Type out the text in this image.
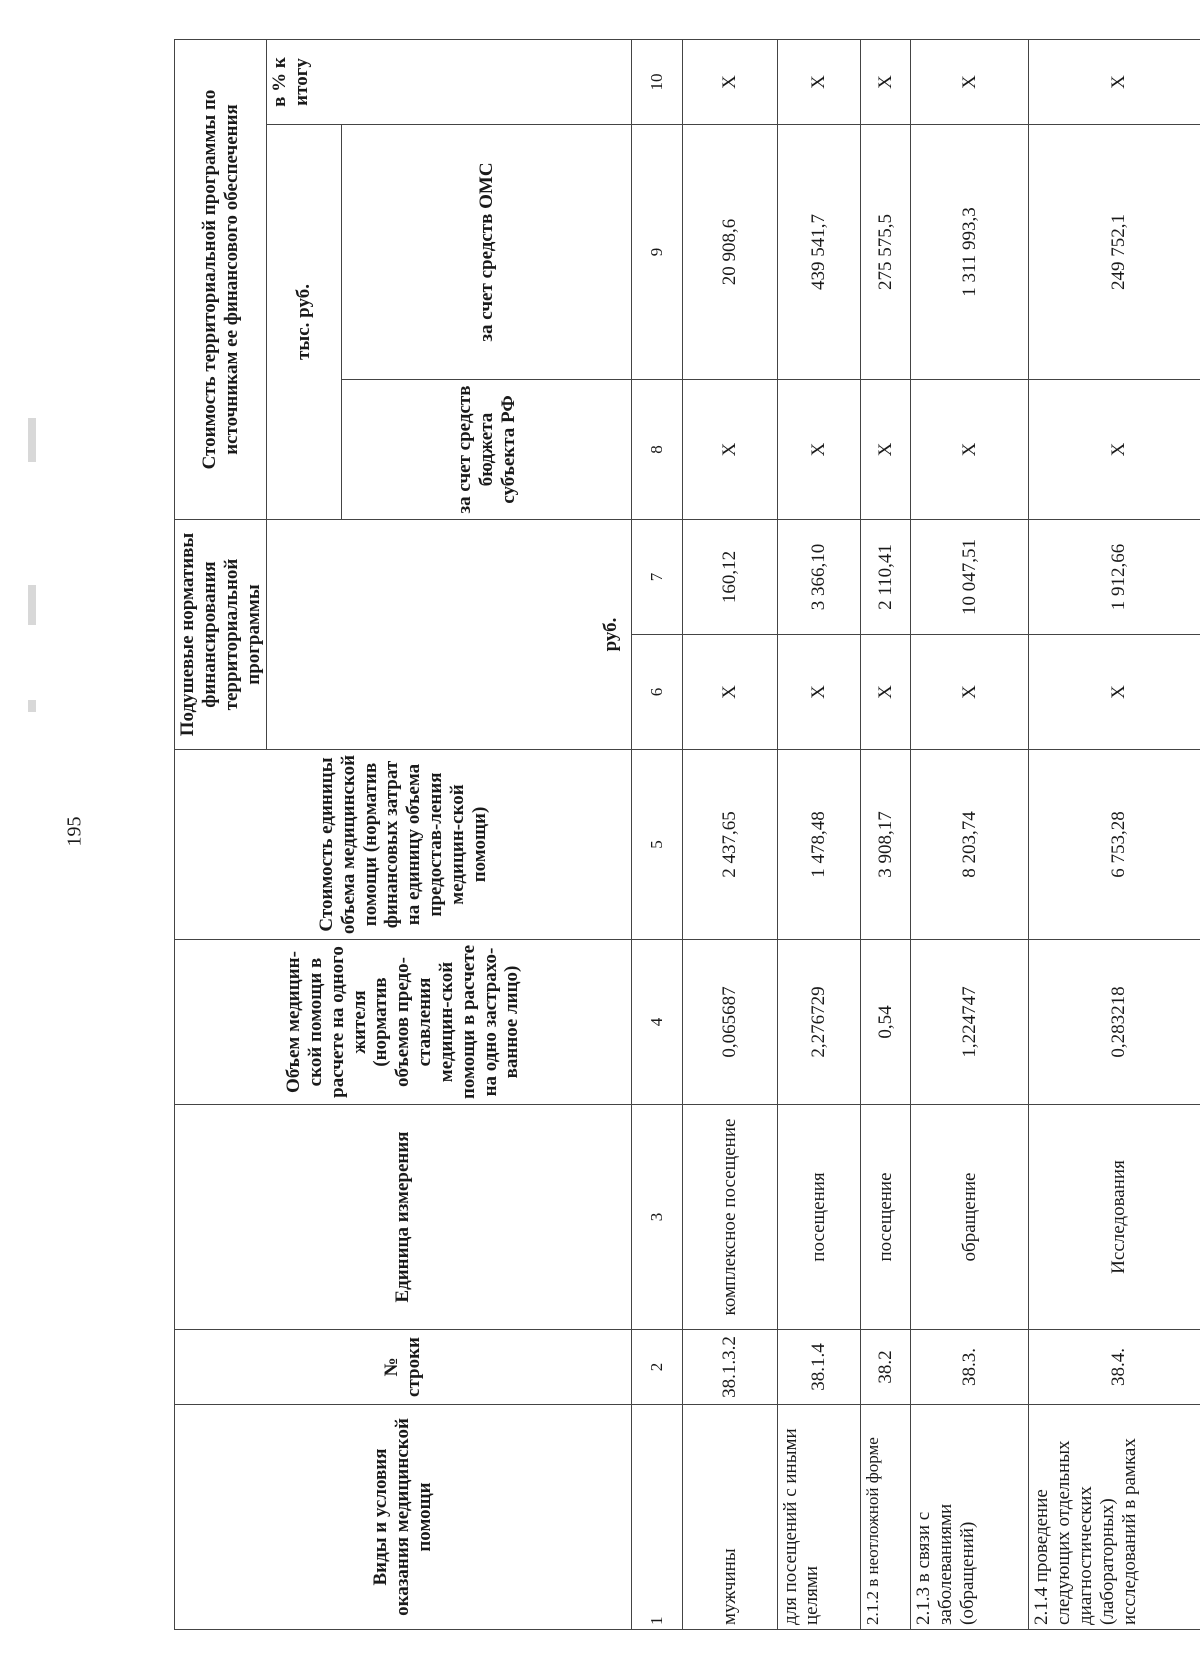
195
Виды и условия оказания медицинской помощи	№ строки	Единица измерения	Объем медицин-ской помощи в расчете на одного жителя (норматив объемов предо-ставления медицин-ской помощи в расчете на одно застрахо-ванное лицо)	Стоимость единицы объема медицинской помощи (норматив финансовых затрат на единицу объема предостав-ления медицин-ской помощи)	Подушевые нормативы финансирования территориальной программы		Стоимость территориальной программы по источникам ее финансового обеспечения		
					руб.		тыс. руб.		в % к итогу
							за счет средств бюджета субъекта РФ	за счет средств ОМС	

1	2	3	4	5	6	7	8	9	10
мужчины	38.1.3.2	комплексное посещение	0,065687	2 437,65	Х	160,12	Х	20 908,6	Х
для посещений с иными целями	38.1.4	посещения	2,276729	1 478,48	Х	3 366,10	Х	439 541,7	Х
2.1.2 в неотложной форме	38.2	посещение	0,54	3 908,17	Х	2 110,41	Х	275 575,5	Х
2.1.3 в связи с заболеваниями (обращений)	38.3.	обращение	1,224747	8 203,74	Х	10 047,51	Х	1 311 993,3	Х
2.1.4 проведение следующих отдельных диагностических (лабораторных) исследований в рамках	38.4.	Исследования	0,283218	6 753,28	Х	1 912,66	Х	249 752,1	Х
